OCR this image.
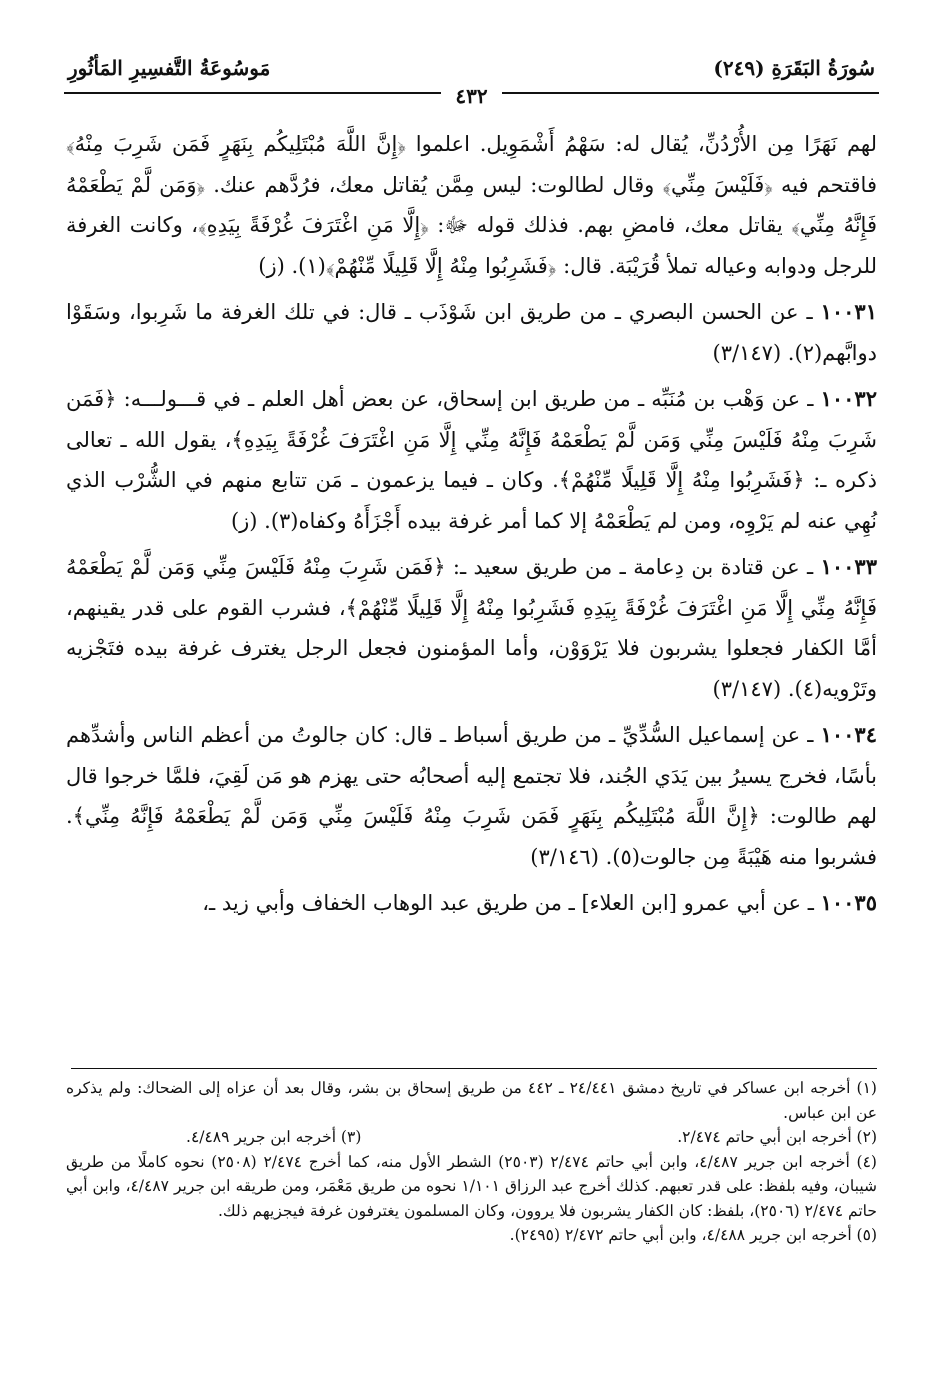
سُورَةُ البَقَرَةِ (٢٤٩)
مَوسُوعَةُ التَّفسِيرِ المَأثُورِ
٤٣٢

لهم نَهَرًا مِن الأُرْدُنِّ، يُقال له: سَهْمُ أَشْمَوِيل. اعلموا ﴿إِنَّ اللَّهَ مُبْتَلِيكُم بِنَهَرٍ فَمَن شَرِبَ مِنْهُ﴾ فاقتحم فيه ﴿فَلَيْسَ مِنِّي﴾ وقال لطالوت: ليس مِمَّن يُقاتل معك، فرُدَّهم عنك. ﴿وَمَن لَّمْ يَطْعَمْهُ فَإِنَّهُ مِنِّي﴾ يقاتل معك، فامضِ بهم. فذلك قوله ﷻ: ﴿إِلَّا مَنِ اغْتَرَفَ غُرْفَةً بِيَدِهِ﴾، وكانت الغرفة للرجل ودوابه وعياله تملأ قُرَيْبَة. قال: ﴿فَشَرِبُوا مِنْهُ إِلَّا قَلِيلًا مِّنْهُمْ﴾(١). (ز)

١٠٠٣١ ـ عن الحسن البصري ـ من طريق ابن شَوْذَب ـ قال: في تلك الغرفة ما شَرِبوا، وسَقَوْا دوابَّهم(٢). (٣/١٤٧)

١٠٠٣٢ ـ عن وَهْب بن مُنَبِّه ـ من طريق ابن إسحاق، عن بعض أهل العلم ـ في قـــولـــه: ﴿فَمَن شَرِبَ مِنْهُ فَلَيْسَ مِنِّي وَمَن لَّمْ يَطْعَمْهُ فَإِنَّهُ مِنِّي إِلَّا مَنِ اغْتَرَفَ غُرْفَةً بِيَدِهِ﴾، يقول الله ـ تعالى ذكره ـ: ﴿فَشَرِبُوا مِنْهُ إِلَّا قَلِيلًا مِّنْهُمْ﴾. وكان ـ فيما يزعمون ـ مَن تتابع منهم في الشُّرْب الذي نُهِي عنه لم يَرْوِه، ومن لم يَطْعَمْهُ إلا كما أمر غرفة بيده أَجْزَأَهُ وكفاه(٣). (ز)

١٠٠٣٣ ـ عن قتادة بن دِعامة ـ من طريق سعيد ـ: ﴿فَمَن شَرِبَ مِنْهُ فَلَيْسَ مِنِّي وَمَن لَّمْ يَطْعَمْهُ فَإِنَّهُ مِنِّي إِلَّا مَنِ اغْتَرَفَ غُرْفَةً بِيَدِهِ فَشَرِبُوا مِنْهُ إِلَّا قَلِيلًا مِّنْهُمْ﴾، فشرب القوم على قدر يقينهم، أمَّا الكفار فجعلوا يشربون فلا يَرْوَوْن، وأما المؤمنون فجعل الرجل يغترف غرفة بيده فتَجْزيه وتَرْويه(٤). (٣/١٤٧)

١٠٠٣٤ ـ عن إسماعيل السُّدِّيِّ ـ من طريق أسباط ـ قال: كان جالوتُ من أعظم الناس وأشدِّهم بأسًا، فخرج يسيرُ بين يَدَي الجُند، فلا تجتمع إليه أصحابُه حتى يهزم هو مَن لَقِيَ، فلمَّا خرجوا قال لهم طالوت: ﴿إِنَّ اللَّهَ مُبْتَلِيكُم بِنَهَرٍ فَمَن شَرِبَ مِنْهُ فَلَيْسَ مِنِّي وَمَن لَّمْ يَطْعَمْهُ فَإِنَّهُ مِنِّي﴾. فشربوا منه هَيْبَةً مِن جالوت(٥). (٣/١٤٦)

١٠٠٣٥ ـ عن أبي عمرو [ابن العلاء] ـ من طريق عبد الوهاب الخفاف وأبي زيد ـ،

(١) أخرجه ابن عساكر في تاريخ دمشق ٢٤/٤٤١ ـ ٤٤٢ من طريق إسحاق بن بشر، وقال بعد أن عزاه إلى الضحاك: ولم يذكره عن ابن عباس.

(٢) أخرجه ابن أبي حاتم ٢/٤٧٤.
(٣) أخرجه ابن جرير ٤/٤٨٩.

(٤) أخرجه ابن جرير ٤/٤٨٧، وابن أبي حاتم ٢/٤٧٤ (٢٥٠٣) الشطر الأول منه، كما أخرج ٢/٤٧٤ (٢٥٠٨) نحوه كاملًا من طريق شيبان، وفيه بلفظ: على قدر تعبهم. كذلك أخرج عبد الرزاق ١/١٠١ نحوه من طريق مَعْمَر، ومن طريقه ابن جرير ٤/٤٨٧، وابن أبي حاتم ٢/٤٧٤ (٢٥٠٦)، بلفظ: كان الكفار يشربون فلا يروون، وكان المسلمون يغترفون غرفة فيجزيهم ذلك.

(٥) أخرجه ابن جرير ٤/٤٨٨، وابن أبي حاتم ٢/٤٧٢ (٢٤٩٥).
